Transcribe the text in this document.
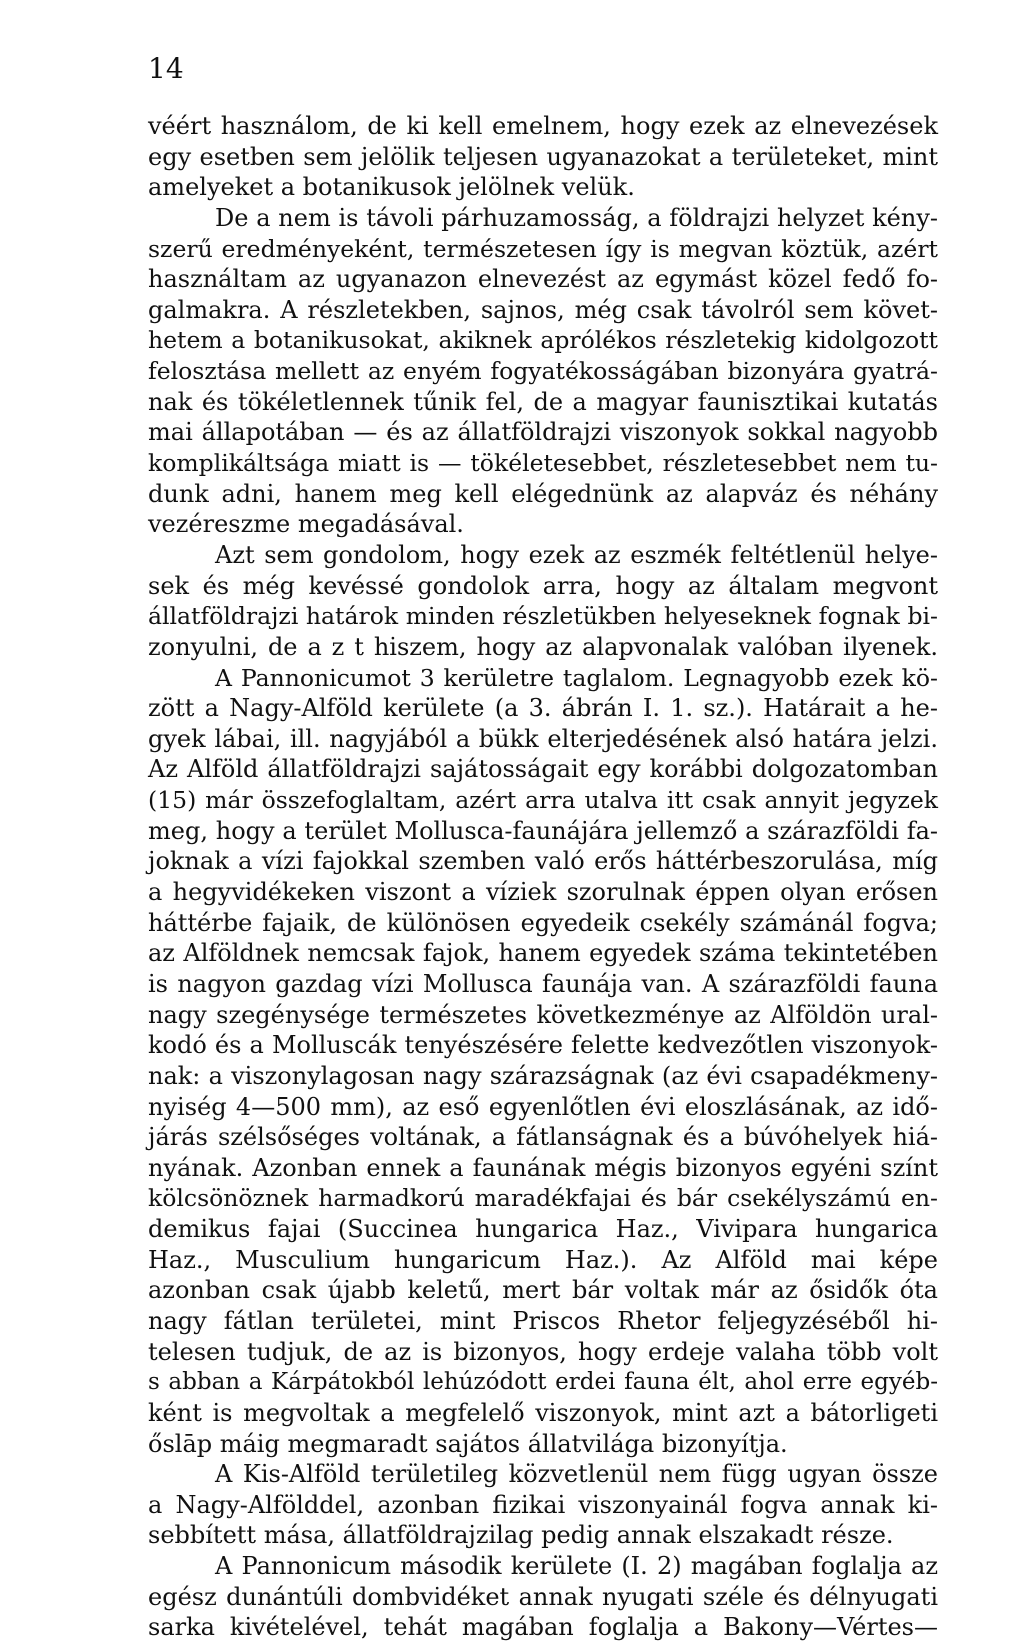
14
véért használom, de ki kell emelnem, hogy ezek az elnevezések
egy esetben sem jelölik teljesen ugyanazokat a területeket, mint
amelyeket a botanikusok jelölnek velük.
De a nem is távoli párhuzamosság, a földrajzi helyzet kény-
szerű eredményeként, természetesen így is megvan köztük, azért
használtam az ugyanazon elnevezést az egymást közel fedő fo-
galmakra. A részletekben, sajnos, még csak távolról sem követ-
hetem a botanikusokat, akiknek aprólékos részletekig kidolgozott
felosztása mellett az enyém fogyatékosságában bizonyára gyatrá-
nak és tökéletlennek tűnik fel, de a magyar faunisztikai kutatás
mai állapotában — és az állatföldrajzi viszonyok sokkal nagyobb
komplikáltsága miatt is — tökéletesebbet, részletesebbet nem tu-
dunk adni, hanem meg kell elégednünk az alapváz és néhány
vezéreszme megadásával.
Azt sem gondolom, hogy ezek az eszmék feltétlenül helye-
sek és még kevéssé gondolok arra, hogy az általam megvont
állatföldrajzi határok minden részletükben helyeseknek fognak bi-
zonyulni, de a z t hiszem, hogy az alapvonalak valóban ilyenek.
A Pannonicumot 3 kerületre taglalom. Legnagyobb ezek kö-
zött a Nagy-Alföld kerülete (a 3. ábrán I. 1. sz.). Határait a he-
gyek lábai, ill. nagyjából a bükk elterjedésének alsó határa jelzi.
Az Alföld állatföldrajzi sajátosságait egy korábbi dolgozatomban
(15) már összefoglaltam, azért arra utalva itt csak annyit jegyzek
meg, hogy a terület Mollusca-faunájára jellemző a szárazföldi fa-
joknak a vízi fajokkal szemben való erős háttérbeszorulása, míg
a hegyvidékeken viszont a víziek szorulnak éppen olyan erősen
háttérbe fajaik, de különösen egyedeik csekély számánál fogva;
az Alföldnek nemcsak fajok, hanem egyedek száma tekintetében
is nagyon gazdag vízi Mollusca faunája van. A szárazföldi fauna
nagy szegénysége természetes következménye az Alföldön ural-
kodó és a Molluscák tenyészésére felette kedvezőtlen viszonyok-
nak: a viszonylagosan nagy szárazságnak (az évi csapadékmeny-
nyiség 4—500 mm), az eső egyenlőtlen évi eloszlásának, az idő-
járás szélsőséges voltának, a fátlanságnak és a búvóhelyek hiá-
nyának. Azonban ennek a faunának mégis bizonyos egyéni színt
kölcsönöznek harmadkorú maradékfajai és bár csekélyszámú en-
demikus fajai (Succinea hungarica Haz., Vivipara hungarica
Haz., Musculium hungaricum Haz.). Az Alföld mai képe
azonban csak újabb keletű, mert bár voltak már az ősidők óta
nagy fátlan területei, mint Priscos Rhetor feljegyzéséből hi-
telesen tudjuk, de az is bizonyos, hogy erdeje valaha több volt
s abban a Kárpátokból lehúzódott erdei fauna élt, ahol erre egyéb-
ként is megvoltak a megfelelő viszonyok, mint azt a bátorligeti
őslāp máig megmaradt sajátos állatvilága bizonyítja.
A Kis-Alföld területileg közvetlenül nem függ ugyan össze
a Nagy-Alfölddel, azonban fizikai viszonyainál fogva annak ki-
sebbített mása, állatföldrajzilag pedig annak elszakadt része.
A Pannonicum második kerülete (I. 2) magában foglalja az
egész dunántúli dombvidéket annak nyugati széle és délnyugati
sarka kivételével, tehát magában foglalja a Bakony—Vértes—
